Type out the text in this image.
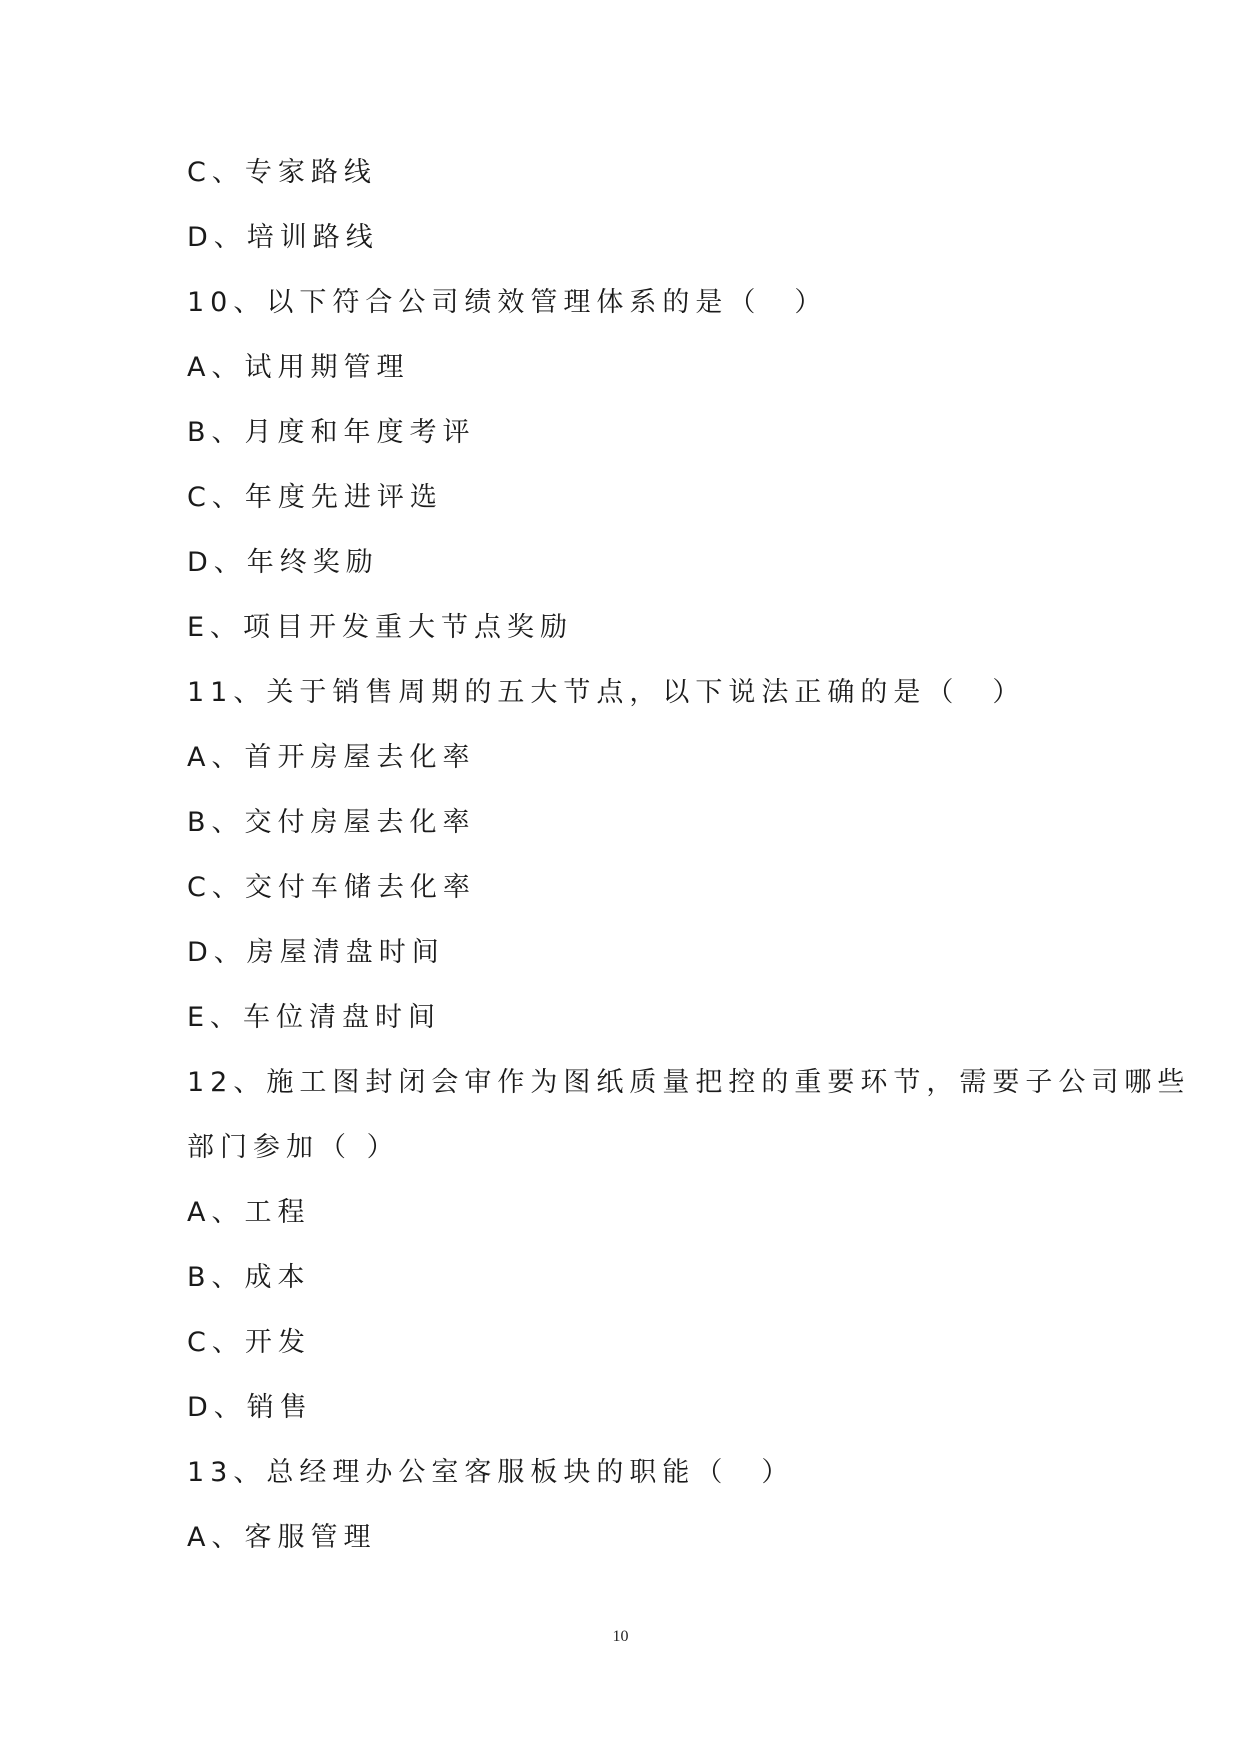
C、专家路线
D、培训路线
10、以下符合公司绩效管理体系的是（　）
A、试用期管理
B、月度和年度考评
C、年度先进评选
D、年终奖励
E、项目开发重大节点奖励
11、关于销售周期的五大节点，以下说法正确的是（　）
A、首开房屋去化率
B、交付房屋去化率
C、交付车储去化率
D、房屋清盘时间
E、车位清盘时间
12、施工图封闭会审作为图纸质量把控的重要环节，需要子公司哪些
部门参加（ ）
A、工程
B、成本
C、开发
D、销售
13、总经理办公室客服板块的职能（　）
A、客服管理
10
